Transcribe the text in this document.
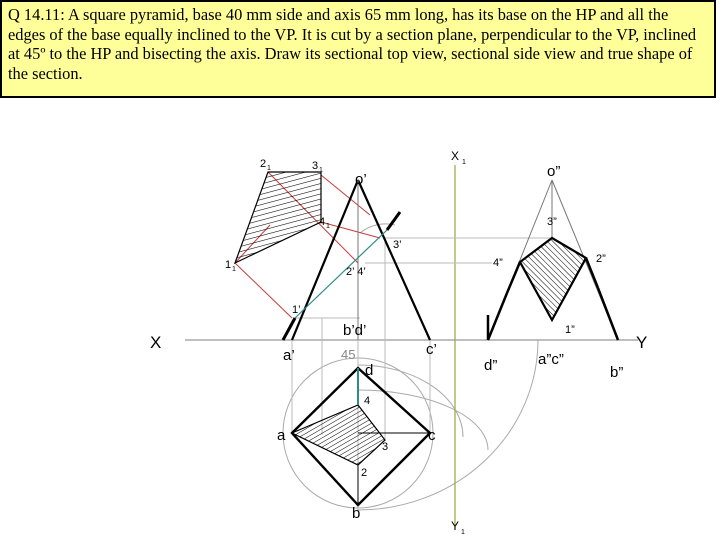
Q 14.11: A square pyramid, base 40 mm side and axis 65 mm long, has its base on the HP and all the edges of the base equally inclined to the VP. It is cut by a section plane, perpendicular to the VP, inclined at 45º to the HP and bisecting the axis. Draw its sectional top view, sectional side view and true shape of the section.
X	Y
X 1
Y 1
o’	o”
a’
b’d’
c’
45
d”	a”c”
b”
a
b
c
d
1’
2’ 4’
3’
1”
2”
3”
4”
2
3
4
1 1
2 1	3 1
4 1
